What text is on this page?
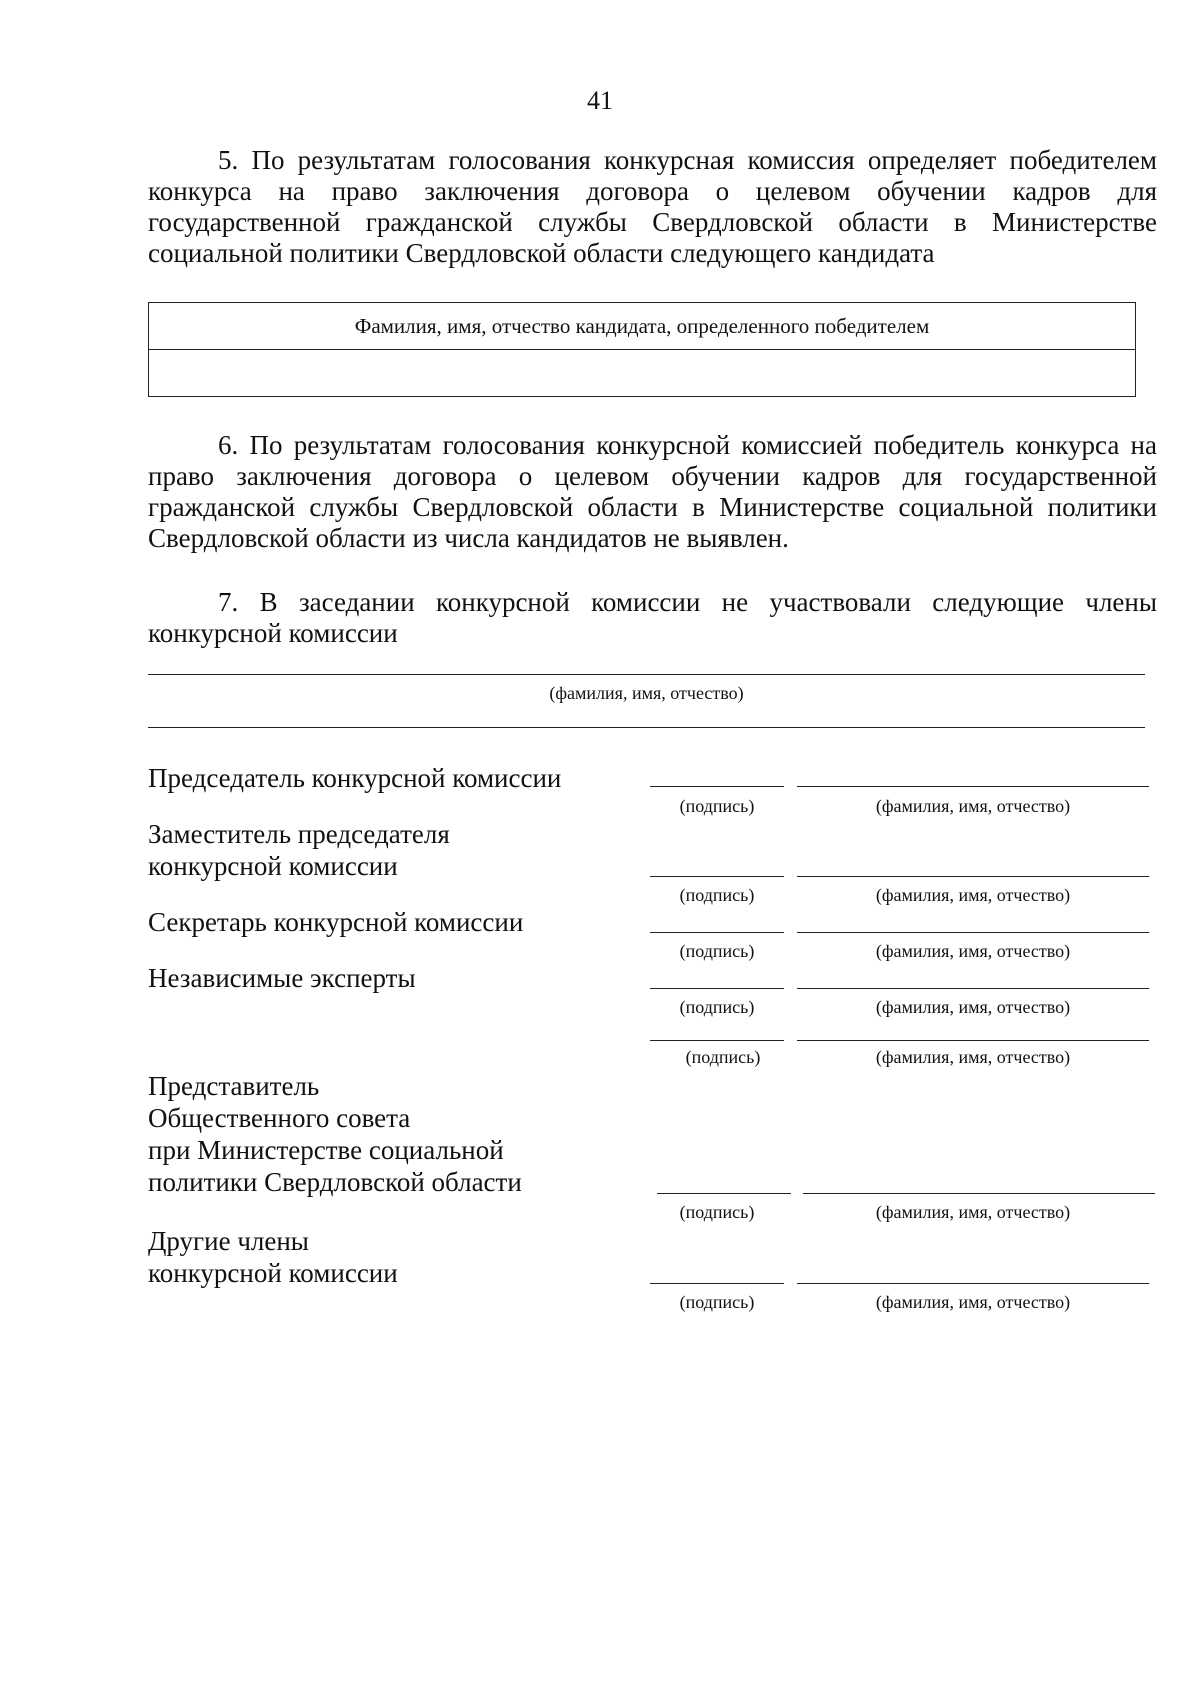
41
5. По результатам голосования конкурсная комиссия определяет победителем конкурса на право заключения договора о целевом обучении кадров для государственной гражданской службы Свердловской области в Министерстве социальной политики Свердловской области следующего кандидата
Фамилия, имя, отчество кандидата, определенного победителем

6. По результатам голосования конкурсной комиссией победитель конкурса на право заключения договора о целевом обучении кадров для государственной гражданской службы Свердловской области в Министерстве социальной политики Свердловской области из числа кандидатов не выявлен.
7. В заседании конкурсной комиссии не участвовали следующие члены конкурсной комиссии
(фамилия, имя, отчество)
Председатель конкурсной комиссии
(подпись)	(фамилия, имя, отчество)
Заместитель председателя
конкурсной комиссии
(подпись)	(фамилия, имя, отчество)
Секретарь конкурсной комиссии
(подпись)	(фамилия, имя, отчество)
Независимые эксперты
(подпись)	(фамилия, имя, отчество)
(подпись)	(фамилия, имя, отчество)
Представитель
Общественного совета
при Министерстве социальной
политики Свердловской области
(подпись)	(фамилия, имя, отчество)
Другие члены
конкурсной комиссии
(подпись)	(фамилия, имя, отчество)
